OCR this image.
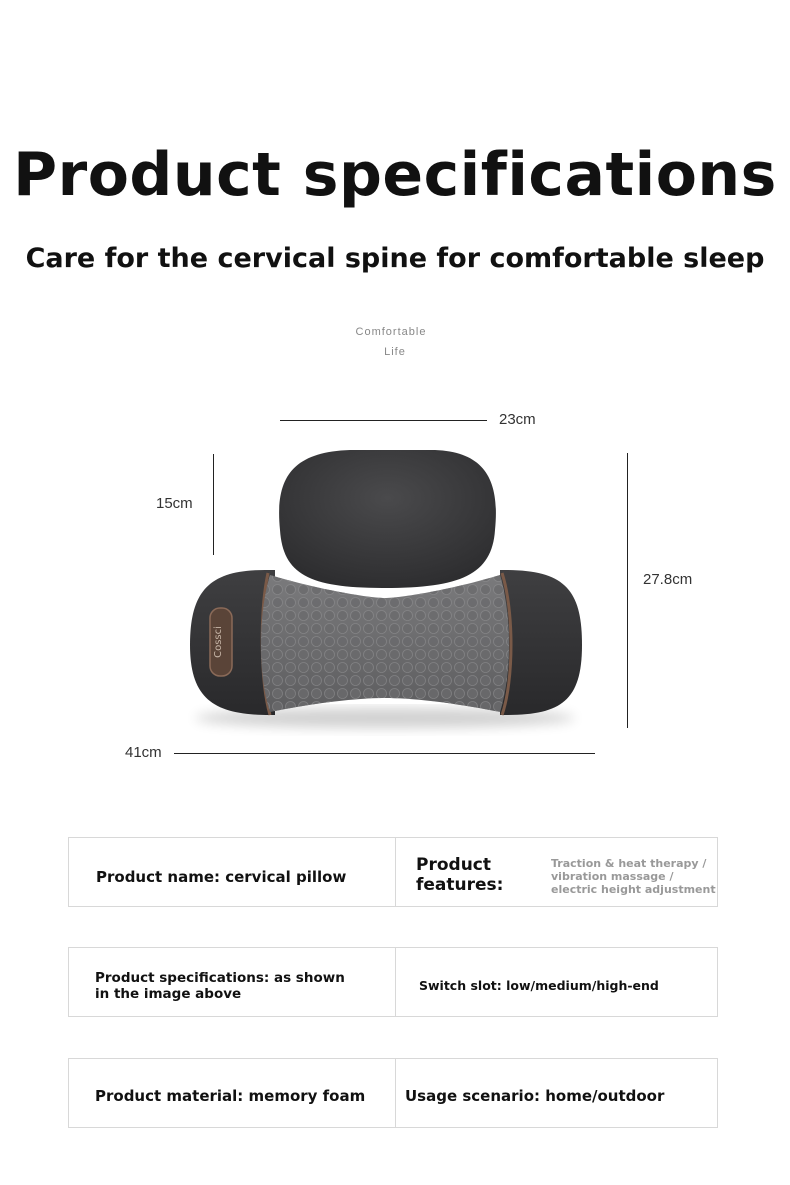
Product specifications
Care for the cervical spine for comfortable sleep
Comfortable
Life
23cm
15cm
27.8cm
41cm
Cossci
Product name: cervical pillow
Product
features:
Traction & heat therapy /
vibration massage /
electric height adjustment
Product specifications: as shown
in the image above
Switch slot: low/medium/high-end
Product material: memory foam	Usage scenario: home/outdoor
